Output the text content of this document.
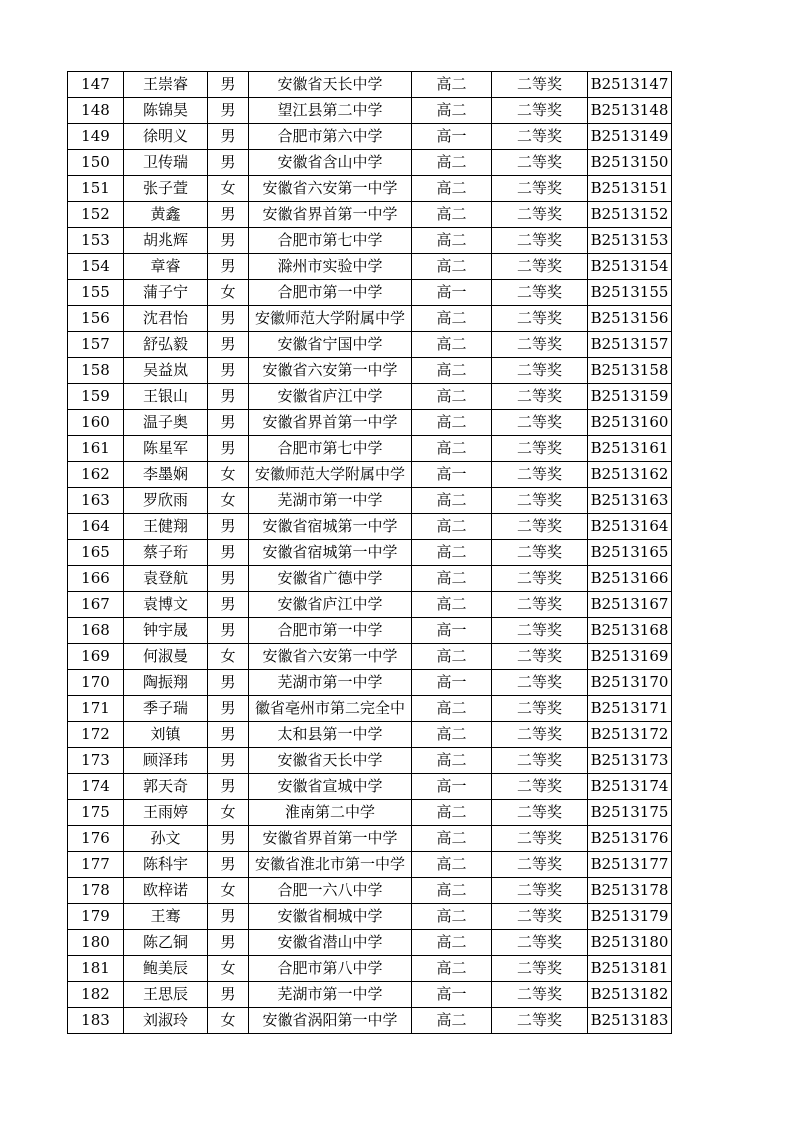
147	王崇睿	男	安徽省天长中学	高二	二等奖	B2513147
148	陈锦昊	男	望江县第二中学	高二	二等奖	B2513148
149	徐明义	男	合肥市第六中学	高一	二等奖	B2513149
150	卫传瑞	男	安徽省含山中学	高二	二等奖	B2513150
151	张子萱	女	安徽省六安第一中学	高二	二等奖	B2513151
152	黄鑫	男	安徽省界首第一中学	高二	二等奖	B2513152
153	胡兆辉	男	合肥市第七中学	高二	二等奖	B2513153
154	章睿	男	滁州市实验中学	高二	二等奖	B2513154
155	蒲子宁	女	合肥市第一中学	高一	二等奖	B2513155
156	沈君怡	男	安徽师范大学附属中学	高二	二等奖	B2513156
157	舒弘毅	男	安徽省宁国中学	高二	二等奖	B2513157
158	吴益岚	男	安徽省六安第一中学	高二	二等奖	B2513158
159	王银山	男	安徽省庐江中学	高二	二等奖	B2513159
160	温子奥	男	安徽省界首第一中学	高二	二等奖	B2513160
161	陈星军	男	合肥市第七中学	高二	二等奖	B2513161
162	李墨娴	女	安徽师范大学附属中学	高一	二等奖	B2513162
163	罗欣雨	女	芜湖市第一中学	高二	二等奖	B2513163
164	王健翔	男	安徽省宿城第一中学	高二	二等奖	B2513164
165	蔡子珩	男	安徽省宿城第一中学	高二	二等奖	B2513165
166	袁登航	男	安徽省广德中学	高二	二等奖	B2513166
167	袁博文	男	安徽省庐江中学	高二	二等奖	B2513167
168	钟宇晟	男	合肥市第一中学	高一	二等奖	B2513168
169	何淑曼	女	安徽省六安第一中学	高二	二等奖	B2513169
170	陶振翔	男	芜湖市第一中学	高一	二等奖	B2513170
171	季子瑞	男	徽省亳州市第二完全中	高二	二等奖	B2513171
172	刘镇	男	太和县第一中学	高二	二等奖	B2513172
173	顾泽玮	男	安徽省天长中学	高二	二等奖	B2513173
174	郭天奇	男	安徽省宣城中学	高一	二等奖	B2513174
175	王雨婷	女	淮南第二中学	高二	二等奖	B2513175
176	孙文	男	安徽省界首第一中学	高二	二等奖	B2513176
177	陈科宇	男	安徽省淮北市第一中学	高二	二等奖	B2513177
178	欧梓诺	女	合肥一六八中学	高二	二等奖	B2513178
179	王骞	男	安徽省桐城中学	高二	二等奖	B2513179
180	陈乙铜	男	安徽省潜山中学	高二	二等奖	B2513180
181	鲍美辰	女	合肥市第八中学	高二	二等奖	B2513181
182	王思辰	男	芜湖市第一中学	高一	二等奖	B2513182
183	刘淑玲	女	安徽省涡阳第一中学	高二	二等奖	B2513183
